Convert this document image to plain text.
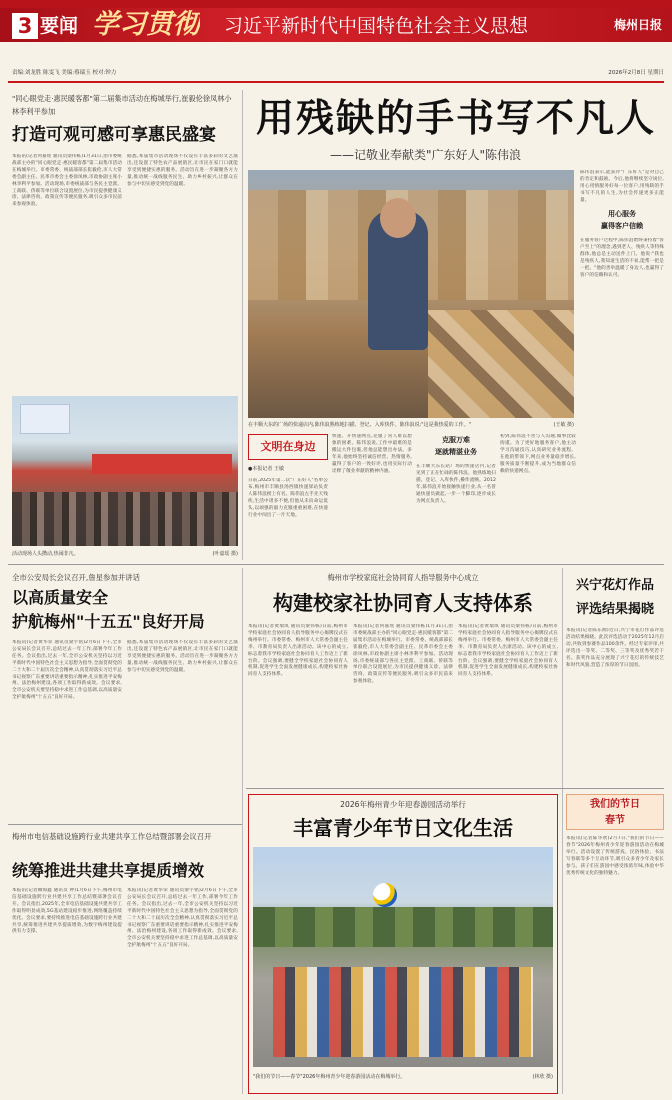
3 要闻 学习贯彻 习近平新时代中国特色社会主义思想	梅州日报
责编:刘龙胜 陈雯飞 美编:蔡瑞玉 校对:钟力	2026年2月8日 星期日
"同心眼党走·惠民暖客都"第二届集市活动在梅城举行,崔毅伦徐凤林小林李利平参加
打造可观可感可享惠民盛宴
本报讯(记者何嘉瑶 通讯员梁伟栋)1月31日,由市委统战部主办的"同心眼党走·惠民暖客都"第二届集市活动在梅城举行。市委常委、统战部部长崔毅伦,市人大常委会副主任、民革市委会主委徐凤林,市政协副主席小林李利平参加。活动现场,市委统战部与各民主党派、工商联、侨联等单位联合设置展位,为市民提供健康义诊、法律咨询、政策宣传等便民服务,吸引众多市民前来参观体验。
据悉,本届集市活动现场不仅设有丰富多彩的文艺演出,还设置了特色农产品展销区,让市民在家门口就能享受到便捷实惠的服务。活动旨在进一步凝聚各方力量,推动统一战线服务民生、助力乡村振兴,让群众在参与中切实感受到党的温暖。
活动现场人头攒动,热闹非凡。	(叶嘉瑶 摄)
用残缺的手书写不凡人
——记敬业奉献类"广东好人"陈伟浪
在丰顺大东的广场的快递店内,陈伟浪熟练地扫描、登记、入库快件。陈伟浪说:"这是我热爱的工作。"	(王敏 摄)
文明在身边
●本报记者 王敏
日前,2025年第二次"广东好人"名单公布,梅州市丰顺县汤西镇快递驿站负责人陈伟浪榜上有名。陈伟浪左手先天残疾,生活中诸多不便,但他从未向命运低头,以顽强的毅力克服重重困难,在快递行业中闯出了一片天地。
快递、开快递网点,克服了常人难以想象的困难。陈伟浪说,工作中最难的是搬运大件包裹,但他总能想出办法。多年来,他始终坚持诚信经营、热情服务,赢得了客户的一致好评,也用实际行动诠释了敬业奉献的精神内涵。
克服万难
逐就精湛业务
在丰顺大东长站广场的快递店内,记者见到了正在忙碌的陈伟浪。他熟练地扫描、登记、入库快件,操作流畅。2012年,陈伟浪开始接触快递行业,从一名普通快递员做起,一步一个脚印,逐步成长为网点负责人。
初到,陈伟浪不善与人沟通,做事比较拘谨。为了更好地服务客户,他主动学习沟通技巧,认真研究业务流程。在他的带领下,网点业务量稳步增长,服务质量不断提升,成为当地群众信赖的快递网点。
陈伟浪表示,能获评"广东好人"是对自己的肯定和鼓励。今后,他将继续坚守岗位,用心用情服务好每一位客户,用残缺的手书写不凡的人生,为社会传递更多正能量。
用心服务
赢得客户信赖
在服务客户过程中,陈伟浪始终秉持着"客户至上"的理念,遇到老人、残疾人等特殊群体,他总是主动送件上门。他说:"我也是残疾人,我知道生活的不易,能帮一把是一把。"他的善举温暖了身边人,也赢得了客户的信赖和认可。
全市公安局长会议召开,詹星参加并讲话
以高质量安全
护航梅州"十五五"良好开局
本报讯(记者黄华荣 通讯员梁宇铭)2月6日下午,全市公安局长会议召开,总结过去一年工作,部署今年工作任务。会议指出,过去一年,全市公安机关坚持以习近平新时代中国特色社会主义思想为指导,全面贯彻党的二十大和二十届历次全会精神,认真贯彻落实习近平总书记视察广东重要讲话重要指示精神,扎实推进平安梅州、法治梅州建设,各项工作取得新成效。会议要求,全市公安机关要坚持稳中求进工作总基调,以高质量安全护航梅州"十五五"良好开局。
据悉,本届集市活动现场不仅设有丰富多彩的文艺演出,还设置了特色农产品展销区,让市民在家门口就能享受到便捷实惠的服务。活动旨在进一步凝聚各方力量,推动统一战线服务民生、助力乡村振兴,让群众在参与中切实感受到党的温暖。
梅州市电信基础设施跨行业共建共享工作总结暨部署会议召开
统筹推进共建共享提质增效
本报讯(记者赖海鑫 通讯员 钟)1月6日下午,梅州市电信基础设施跨行业共建共享工作总结暨部署会议召开。会议指出,2025年,全市电信基础设施共建共享工作取得明显成效,5G基站建设稳步推进,网络覆盖持续优化。会议要求,要持续推进电信基础设施跨行业共建共享,统筹推进共建共享提质增效,为数字梅州建设提供有力支撑。
本报讯(记者黄华荣 通讯员梁宇铭)2月6日下午,全市公安局长会议召开,总结过去一年工作,部署今年工作任务。会议指出,过去一年,全市公安机关坚持以习近平新时代中国特色社会主义思想为指导,全面贯彻党的二十大和二十届历次全会精神,认真贯彻落实习近平总书记视察广东重要讲话重要指示精神,扎实推进平安梅州、法治梅州建设,各项工作取得新成效。会议要求,全市公安机关要坚持稳中求进工作总基调,以高质量安全护航梅州"十五五"良好开局。
梅州市学校家庭社会协同育人指导服务中心成立
构建校家社协同育人支持体系
本报讯(记者黄瑞琪 通讯员梁伟栋)日前,梅州市学校家庭社会协同育人指导服务中心揭牌仪式在梅州举行。市委常委、梅州市人大常委会副主任李、市教育局负责人出席活动。该中心的成立,标志着我市学校家庭社会协同育人工作迈上了新台阶。会议强调,要健全学校家庭社会协同育人机制,促进学生全面发展健康成长,构建校家社协同育人支持体系。
本报讯(记者何嘉瑶 通讯员梁伟栋)1月31日,由市委统战部主办的"同心眼党走·惠民暖客都"第二届集市活动在梅城举行。市委常委、统战部部长崔毅伦,市人大常委会副主任、民革市委会主委徐凤林,市政协副主席小林李利平参加。活动现场,市委统战部与各民主党派、工商联、侨联等单位联合设置展位,为市民提供健康义诊、法律咨询、政策宣传等便民服务,吸引众多市民前来参观体验。
本报讯(记者黄瑞琪 通讯员梁伟栋)日前,梅州市学校家庭社会协同育人指导服务中心揭牌仪式在梅州举行。市委常委、梅州市人大常委会副主任李、市教育局负责人出席活动。该中心的成立,标志着我市学校家庭社会协同育人工作迈上了新台阶。会议强调,要健全学校家庭社会协同育人机制,促进学生全面发展健康成长,构建校家社协同育人支持体系。
兴宁花灯作品
评选结果揭晓
本报讯(记者陈东源)近日,兴宁市花灯作品评选活动结果揭晓。此次评选活动于2025年12月启动,共收到参赛作品100余件。经过专家评审,共评选出一等奖、二等奖、三等奖及优秀奖若干名。获奖作品充分展现了兴宁花灯的传统技艺和时代风貌,营造了浓厚的节日氛围。
2026年梅州青少年迎春游园活动举行
丰富青少年节日文化生活
"我们的节日——春节"2026年梅州青少年迎春游园活动在梅城举行。	(林欣 摄)
我们的节日
春节
本报讯(记者陈华欣)2月7日,"我们的节日——春节"2026年梅州青少年迎春游园活动在梅城举行。活动设置了传统游戏、民俗体验、书法写春联等多个互动环节,吸引众多青少年及家长参与。孩子们在游园中感受浓浓年味,体验中华优秀传统文化的独特魅力。
